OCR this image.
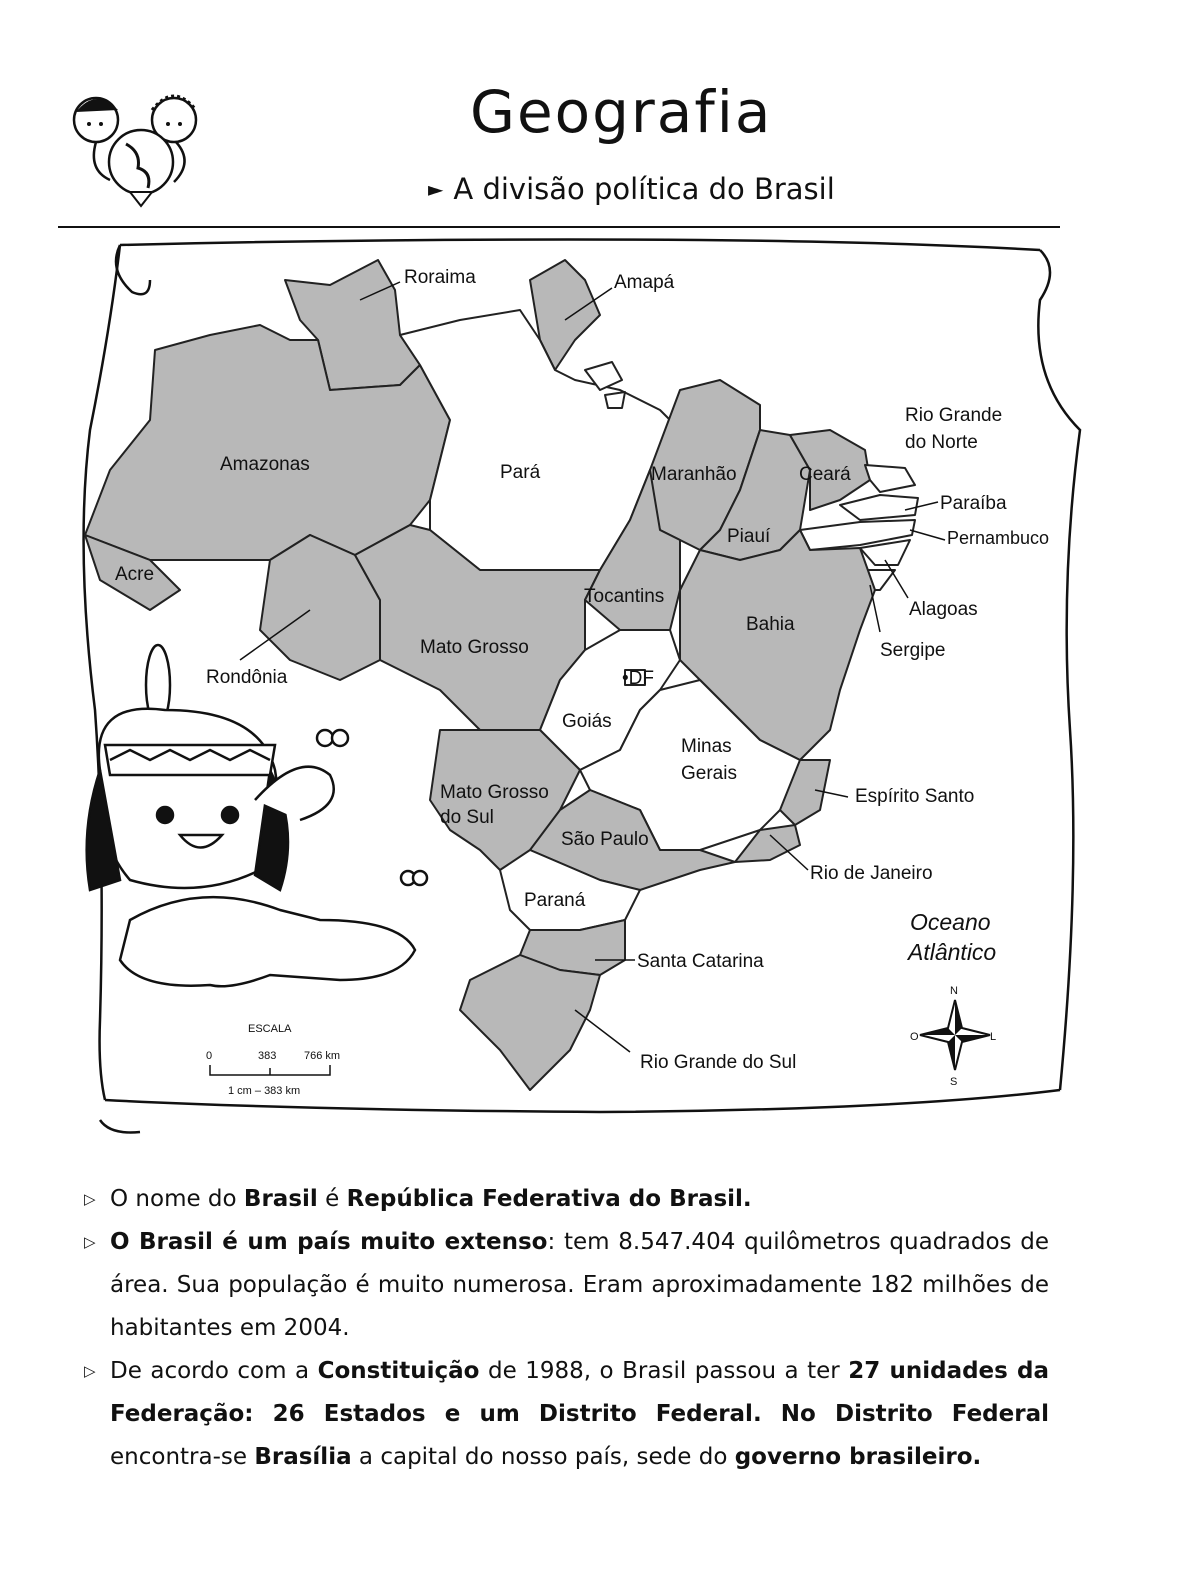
Geografia
► A divisão política do Brasil
Roraima	Amapá
Amazonas	Pará	Maranhão	Ceará
Rio Grande
do Norte
Paraíba
Pernambuco
Piauí
Acre
Tocantins
Alagoas
Bahia
Sergipe
Mato Grosso
Rondônia	•DF
Goiás
Minas
Gerais
Mato Grosso
do Sul
Espírito Santo
São Paulo
Rio de Janeiro
Paraná
Santa Catarina
Rio Grande do Sul
Oceano
Atlântico
ESCALA
0	383	766 km
1 cm – 383 km
N
S
L
O
▷ O nome do Brasil é República Federativa do Brasil.
▷ O Brasil é um país muito extenso: tem 8.547.404 quilômetros quadrados de área. Sua população é muito numerosa. Eram aproximadamente 182 milhões de habitantes em 2004.
▷ De acordo com a Constituição de 1988, o Brasil passou a ter 27 unidades da Federação: 26 Estados e um Distrito Federal. No Distrito Federal encontra-se Brasília a capital do nosso país, sede do governo brasileiro.
